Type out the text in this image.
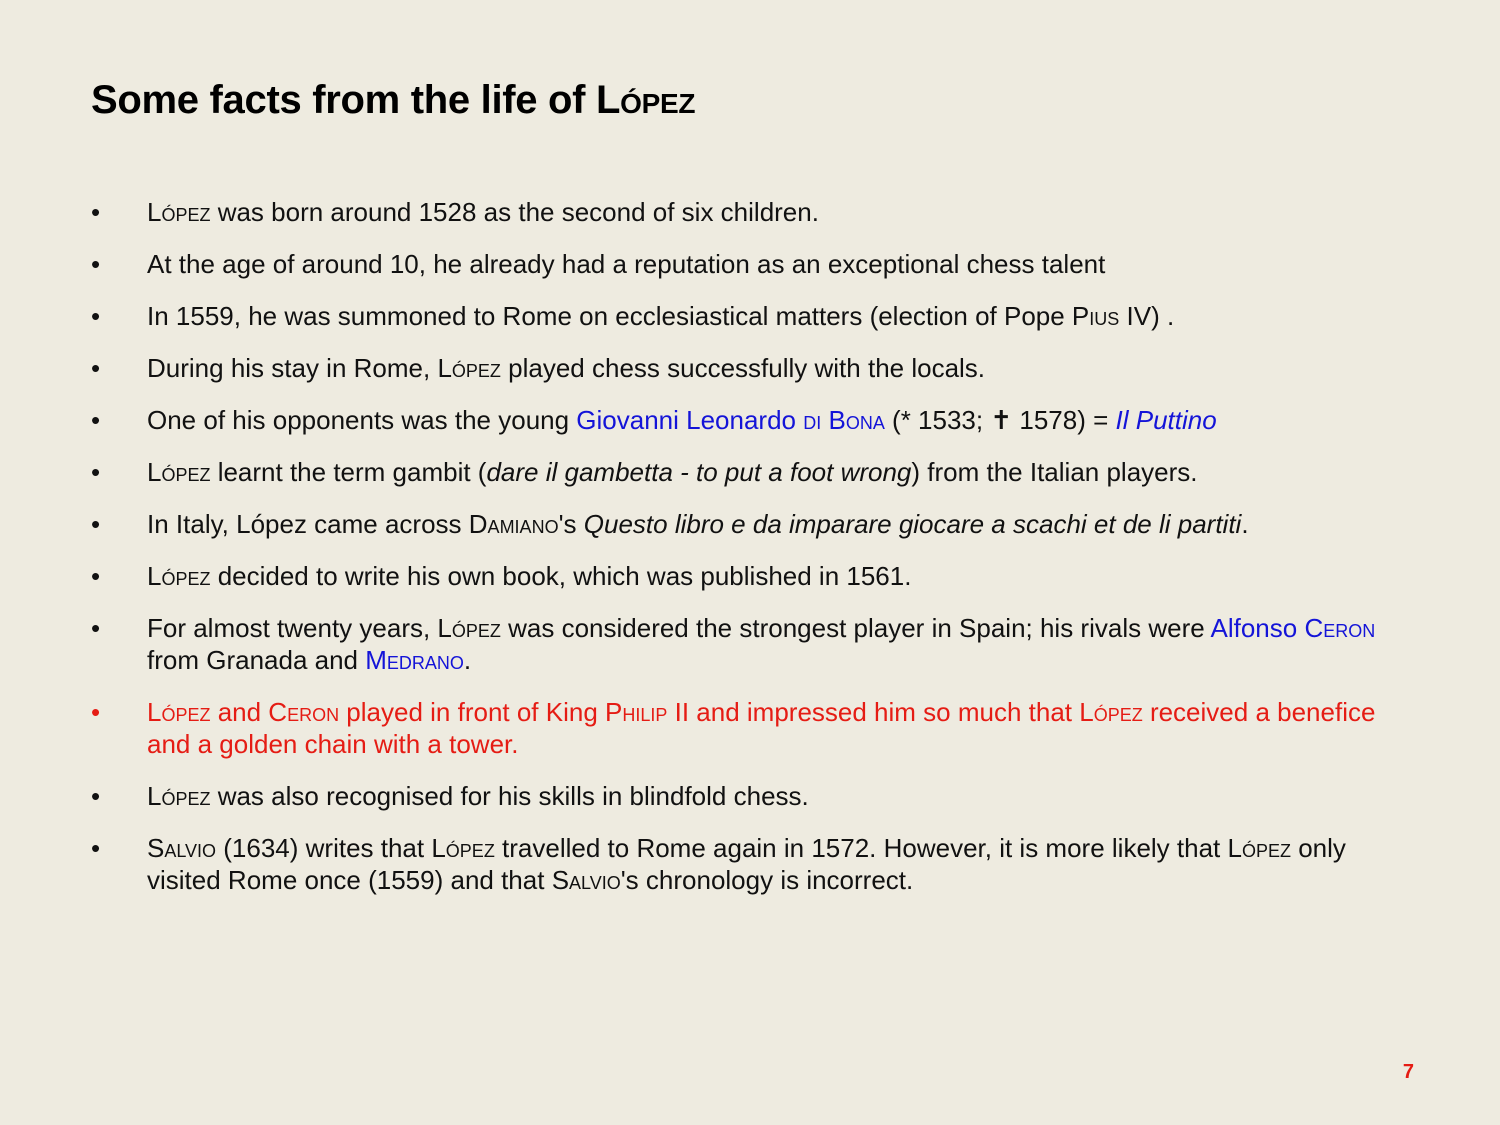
Some facts from the life of López
• López was born around 1528 as the second of six children.
• At the age of around 10, he already had a reputation as an exceptional chess talent
• In 1559, he was summoned to Rome on ecclesiastical matters (election of Pope Pius IV) .
• During his stay in Rome, López played chess successfully with the locals.
• One of his opponents was the young Giovanni Leonardo di Bona (* 1533; ✝ 1578) = Il Puttino
• López learnt the term gambit (dare il gambetta - to put a foot wrong) from the Italian players.
• In Italy, López came across Damiano's Questo libro e da imparare giocare a scachi et de li partiti.
• López decided to write his own book, which was published in 1561.
• For almost twenty years, López was considered the strongest player in Spain; his rivals were Alfonso Ceron from Granada and Medrano.
• López and Ceron played in front of King Philip II and impressed him so much that López received a benefice and a golden chain with a tower.
• López was also recognised for his skills in blindfold chess.
• Salvio (1634) writes that López travelled to Rome again in 1572. However, it is more likely that López only visited Rome once (1559) and that Salvio's chronology is incorrect.
7
